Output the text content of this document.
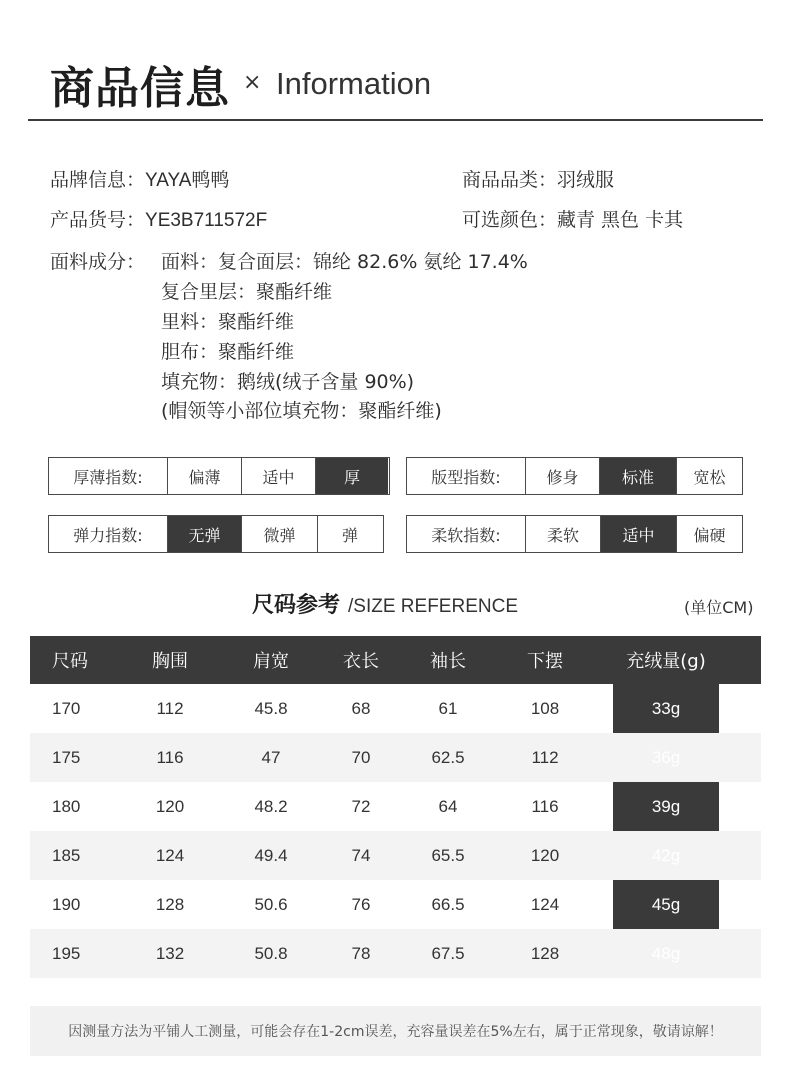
商品信息 × Information
品牌信息：YAYA鸭鸭	商品品类：羽绒服
产品货号：YE3B711572F	可选颜色：藏青 黑色 卡其
面料成分： 面料：复合面层：锦纶 82.6% 氨纶 17.4%
复合里层：聚酯纤维
里料：聚酯纤维
胆布：聚酯纤维
填充物：鹅绒(绒子含量 90%)
(帽领等小部位填充物：聚酯纤维)
厚薄指数:	偏薄	适中	厚	版型指数:	修身	标准	宽松
弹力指数:	无弹	微弹	弹	柔软指数:	柔软	适中	偏硬
尺码参考 /SIZE REFERENCE	(单位CM)
尺码	胸围	肩宽	衣长	袖长	下摆	充绒量(g)
170	112	45.8	68	61	108	33g
175	116	47	70	62.5	112	36g
180	120	48.2	72	64	116	39g
185	124	49.4	74	65.5	120	42g
190	128	50.6	76	66.5	124	45g
195	132	50.8	78	67.5	128	48g
因测量方法为平铺人工测量，可能会存在1-2cm误差，充容量误差在5%左右，属于正常现象，敬请谅解！
